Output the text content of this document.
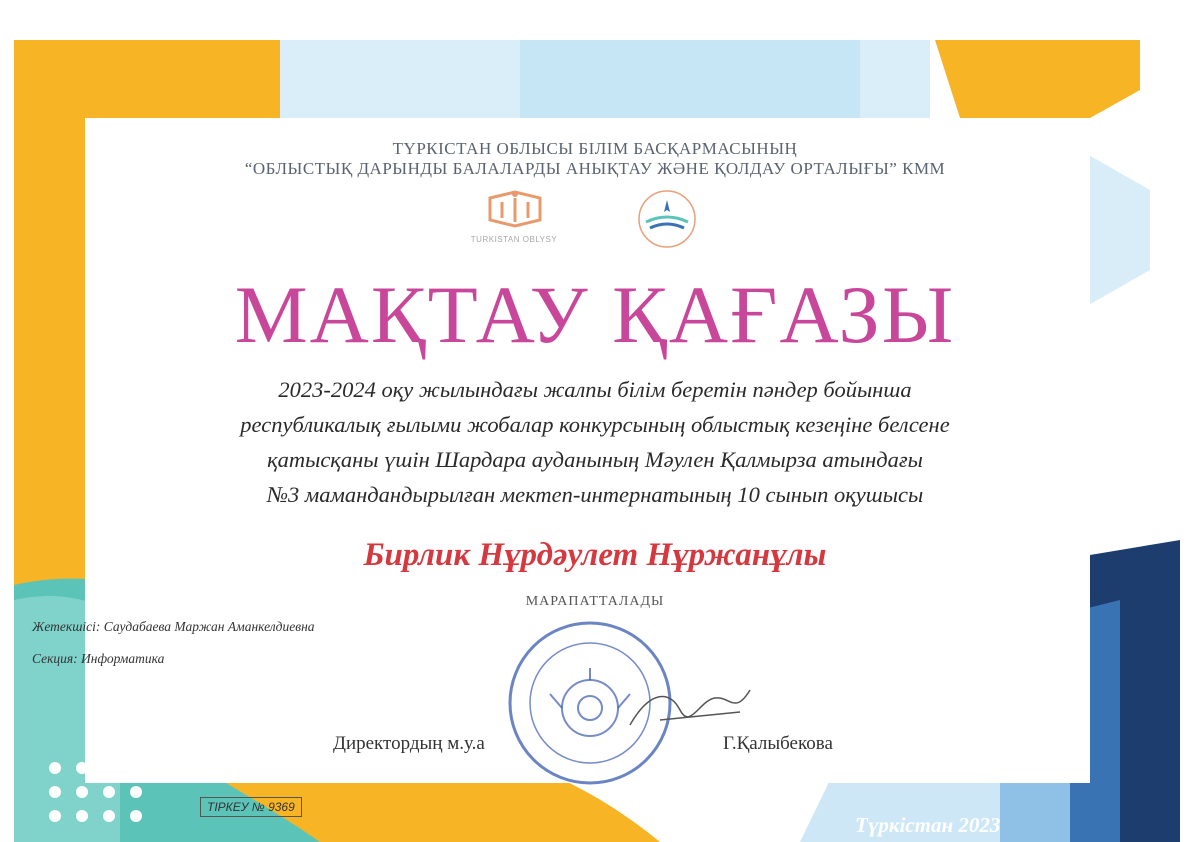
ТҮРКІСТАН ОБЛЫСЫ БІЛІМ БАСҚАРМАСЫНЫҢ
“ОБЛЫСТЫҚ ДАРЫНДЫ БАЛАЛАРДЫ АНЫҚТАУ ЖӘНЕ ҚОЛДАУ ОРТАЛЫҒЫ” КММ
TURKISTAN OBLYSY
МАҚТАУ ҚАҒАЗЫ
2023-2024 оқу жылындағы жалпы білім беретін пәндер бойынша
республикалық ғылыми жобалар конкурсының облыстық кезеңіне белсене
қатысқаны үшін Шардара ауданының Мәулен Қалмырза атындағы
№3 мамандандырылған мектеп-интернатының 10 сынып оқушысы
Бирлик Нұрдәулет Нұржанұлы
МАРАПАТТАЛАДЫ
Жетекшісі: Саудабаева Маржан Аманкелдиевна
Секция: Информатика
Директордың м.у.а	Г.Қалыбекова
ТІРКЕУ № 9369
Түркістан 2023
